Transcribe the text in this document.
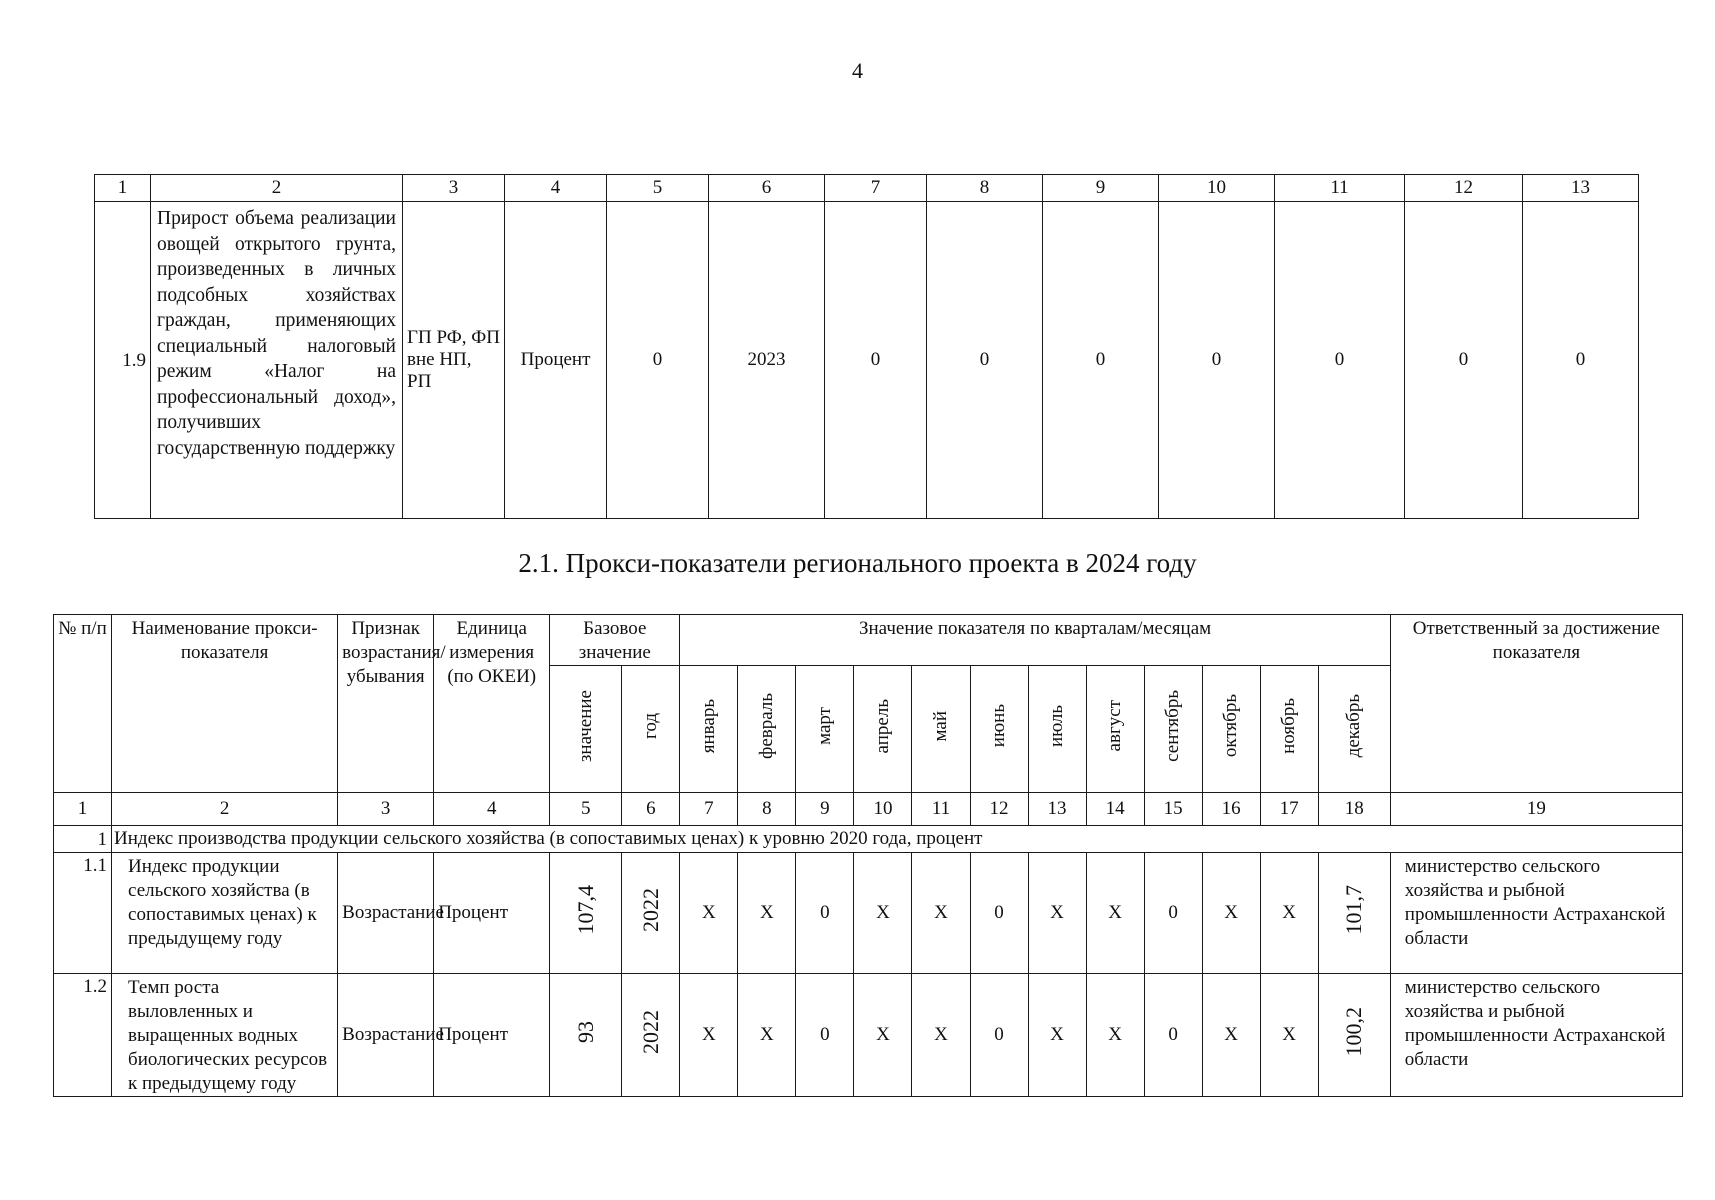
4
1	2	3	4	5	6	7	8	9	10	11	12	13
1.9	Прирост объема реализации овощей открытого грунта, произведенных в личных подсобных хозяйствах граждан, применяющих специальный налоговый режим «Налог на профессиональный доход», получивших государственную поддержку	ГП РФ, ФП вне НП, РП	Процент	0	2023	0	0	0	0	0	0	0
2.1. Прокси-показатели регионального проекта в 2024 году
№ п/п	Наименование прокси-показателя	Признак возрастания/ убывания	Единица измерения (по ОКЕИ)	Базовое значение		Значение показателя по кварталам/месяцам												Ответственный за достижение показателя
				значение	год	январь	февраль	март	апрель	май	июнь	июль	август	сентябрь	октябрь	ноябрь	декабрь	
1	2	3	4	5	6	7	8	9	10	11	12	13	14	15	16	17	18	19
1	Индекс производства продукции сельского хозяйства (в сопоставимых ценах) к уровню 2020 года, процент																	
1.1	Индекс продукции сельского хозяйства (в сопоставимых ценах) к предыдущему году	Возрастание	Процент	107,4	2022	X	X	0	X	X	0	X	X	0	X	X	101,7	министерство сельского хозяйства и рыбной промышленности Астраханской области
1.2	Темп роста выловленных и выращенных водных биологических ресурсов к предыдущему году	Возрастание	Процент	93	2022	X	X	0	X	X	0	X	X	0	X	X	100,2	министерство сельского хозяйства и рыбной промышленности Астраханской области
